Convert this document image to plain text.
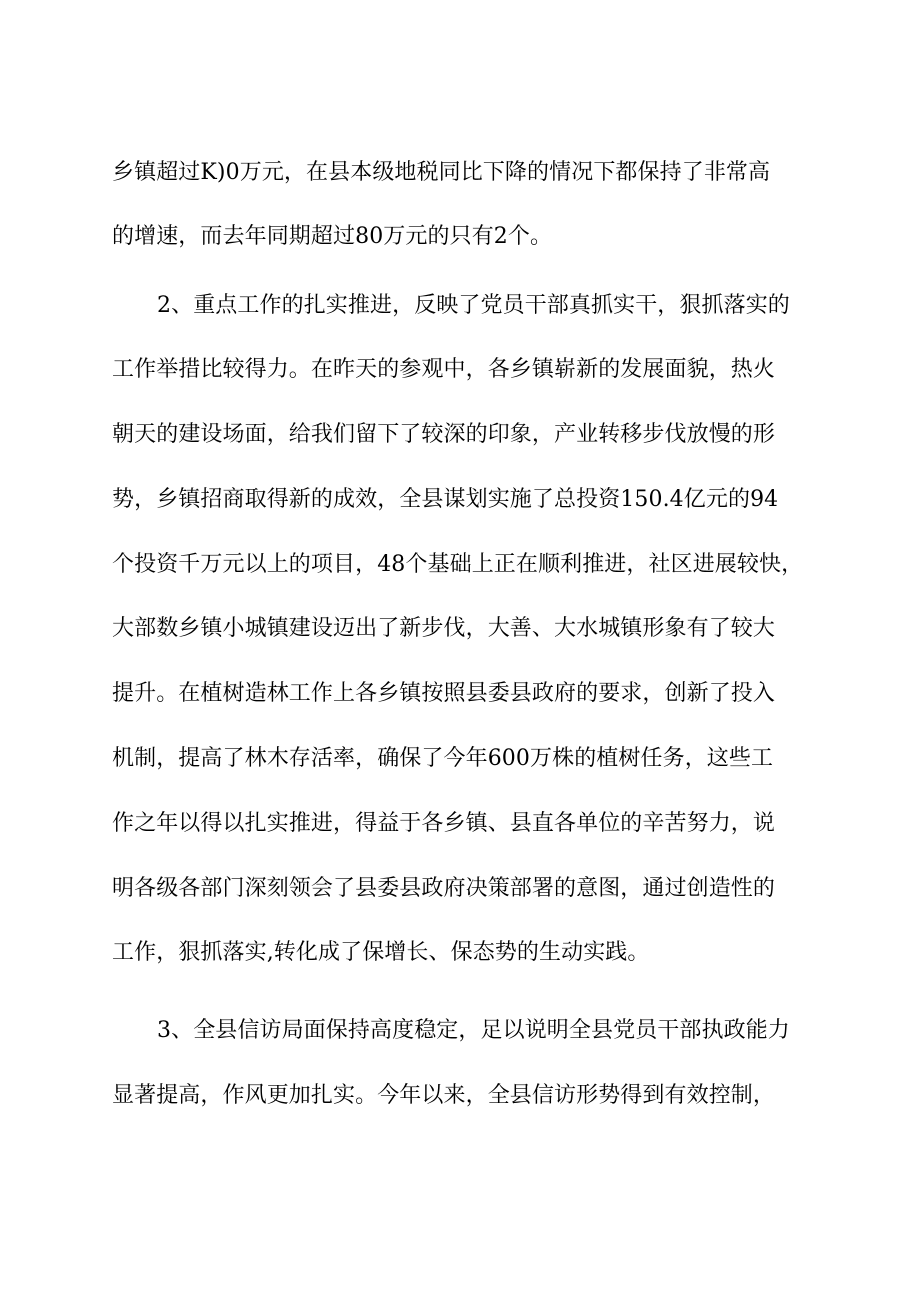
乡镇超过K)0万元，在县本级地税同比下降的情况下都保持了非常高
的增速，而去年同期超过80万元的只有2个。
2、重点工作的扎实推进，反映了党员干部真抓实干，狠抓落实的
工作举措比较得力。在昨天的参观中，各乡镇崭新的发展面貌，热火
朝天的建设场面，给我们留下了较深的印象，产业转移步伐放慢的形
势，乡镇招商取得新的成效，全县谋划实施了总投资150.4亿元的94
个投资千万元以上的项目，48个基础上正在顺利推进，社区进展较快，
大部数乡镇小城镇建设迈出了新步伐，大善、大水城镇形象有了较大
提升。在植树造林工作上各乡镇按照县委县政府的要求，创新了投入
机制，提高了林木存活率，确保了今年600万株的植树任务，这些工
作之年以得以扎实推进，得益于各乡镇、县直各单位的辛苦努力，说
明各级各部门深刻领会了县委县政府决策部署的意图，通过创造性的
工作，狠抓落实,转化成了保增长、保态势的生动实践。
3、全县信访局面保持高度稳定，足以说明全县党员干部执政能力
显著提高，作风更加扎实。今年以来，全县信访形势得到有效控制，
